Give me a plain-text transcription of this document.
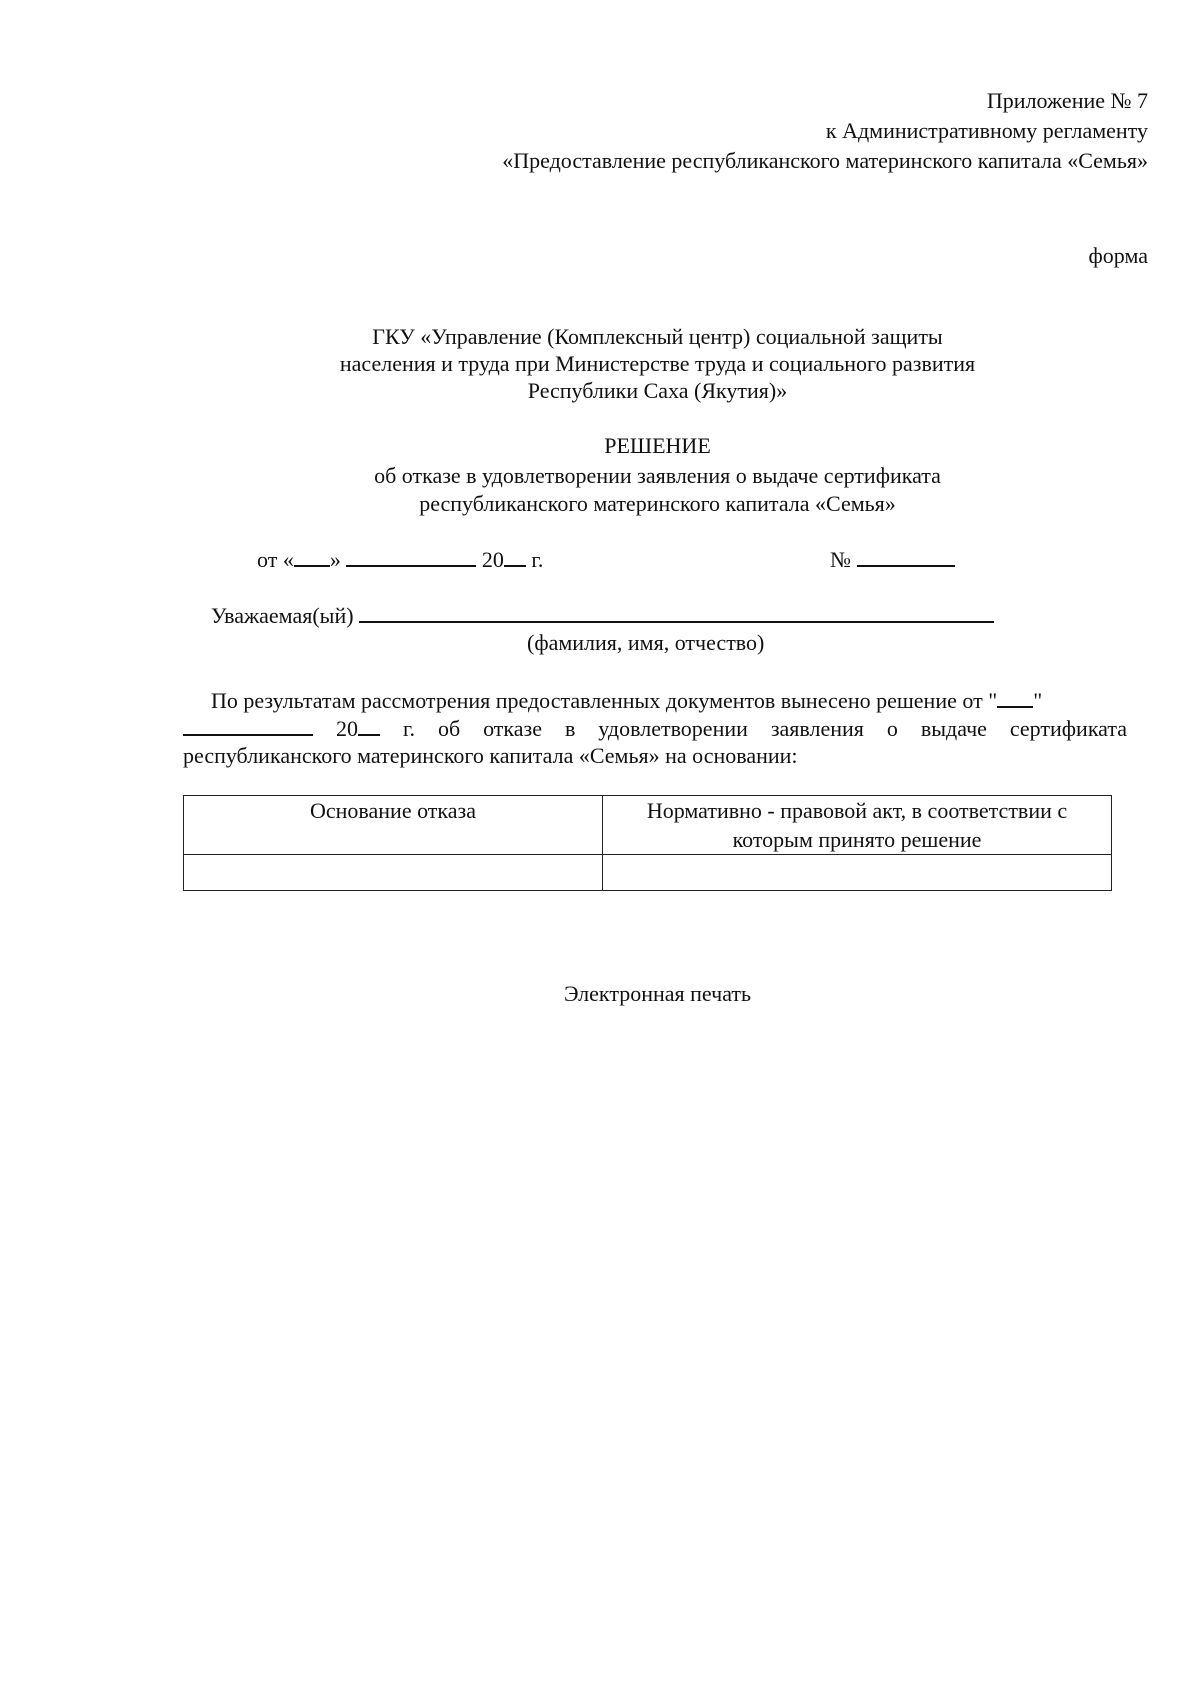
Приложение № 7
к Административному регламенту
«Предоставление республиканского материнского капитала «Семья»
форма
ГКУ «Управление (Комплексный центр) социальной защиты
населения и труда при Министерстве труда и социального развития
Республики Саха (Якутия)»
РЕШЕНИЕ
об отказе в удовлетворении заявления о выдаче сертификата
республиканского материнского капитала «Семья»
от « »	20 г.	№
Уважаемая(ый)
(фамилия, имя, отчество)
По результатам рассмотрения предоставленных документов вынесено решение от " "
20 г. об отказе в удовлетворении заявления о выдаче сертификата
республиканского материнского капитала «Семья» на основании:
Основание отказа	Нормативно - правовой акт, в соответствии с которым принято решение

Электронная печать
